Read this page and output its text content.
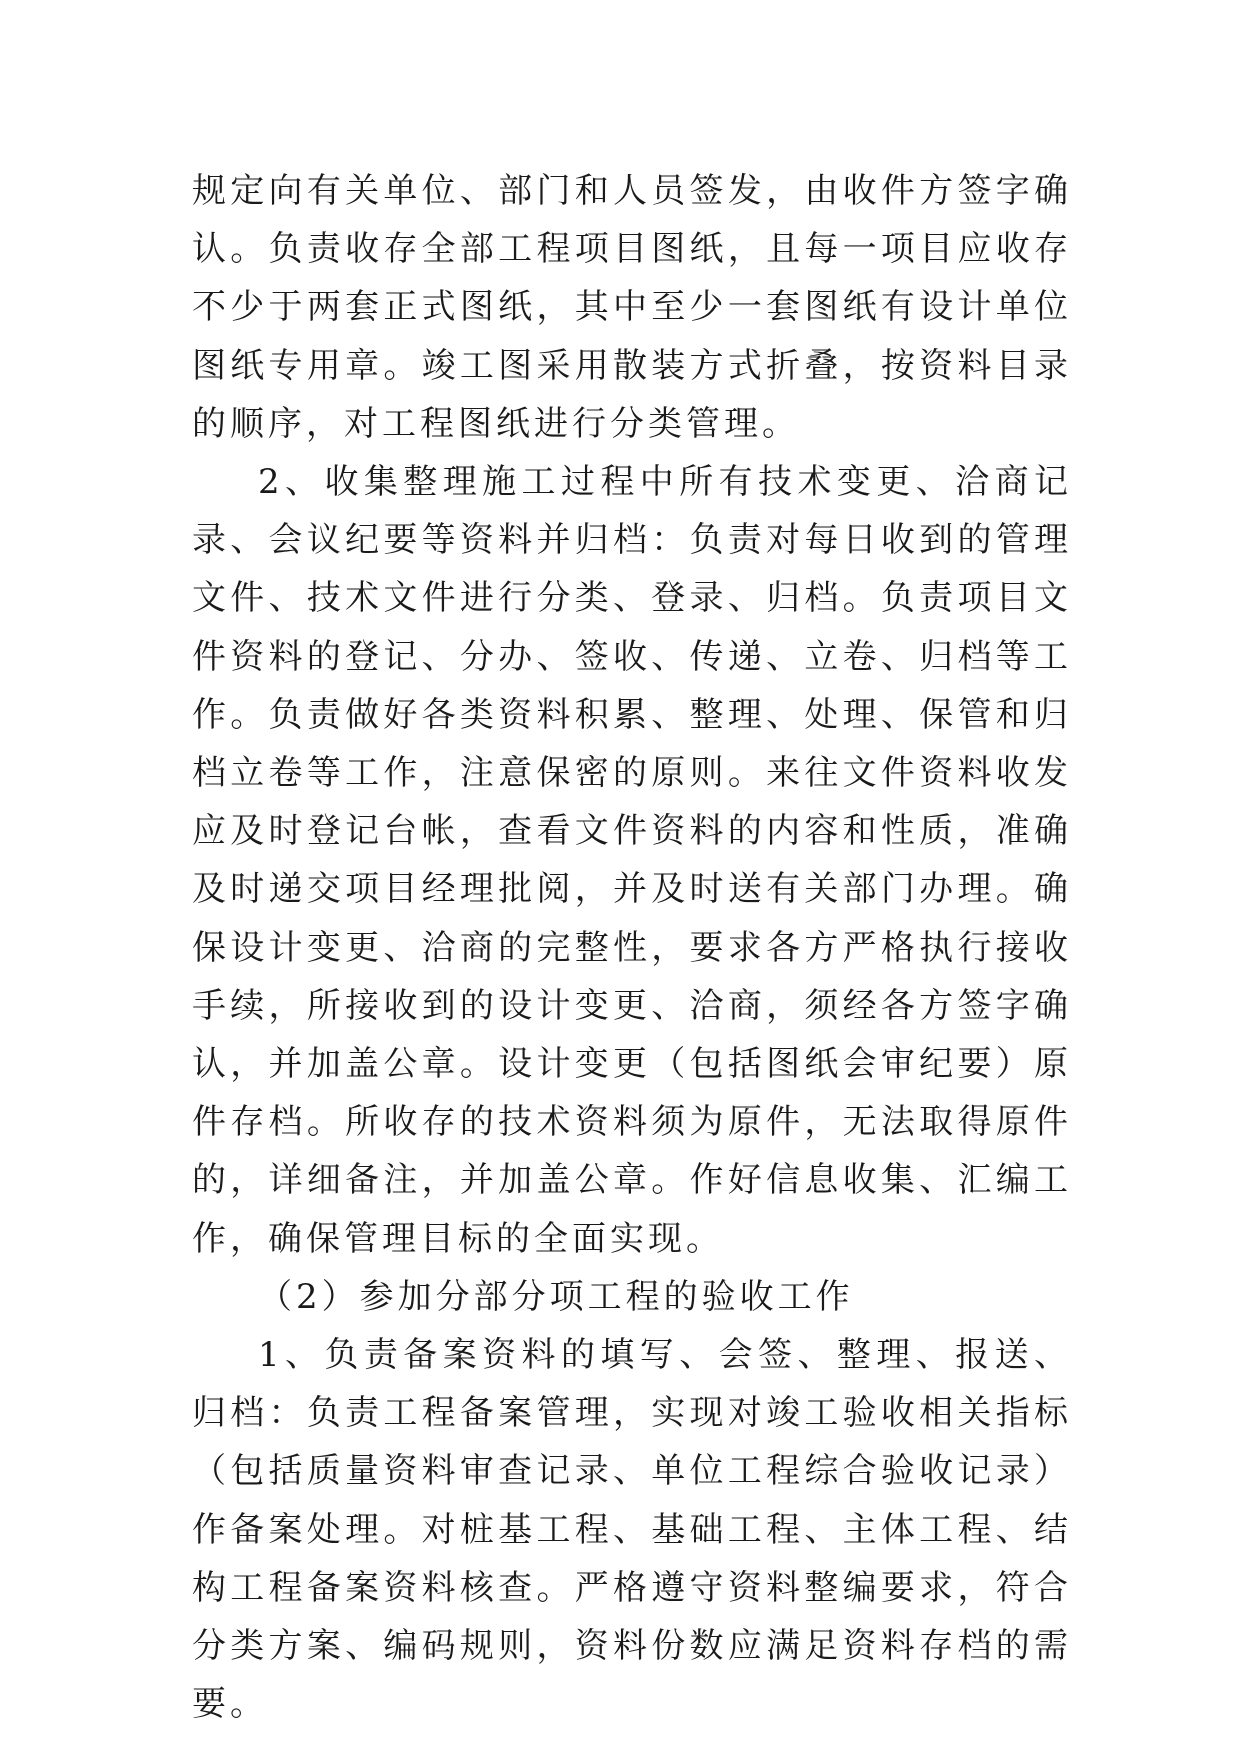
规定向有关单位、部门和人员签发，由收件方签字确认。负责收存全部工程项目图纸，且每一项目应收存不少于两套正式图纸，其中至少一套图纸有设计单位图纸专用章。竣工图采用散装方式折叠，按资料目录的顺序，对工程图纸进行分类管理。

2、收集整理施工过程中所有技术变更、洽商记录、会议纪要等资料并归档：负责对每日收到的管理文件、技术文件进行分类、登录、归档。负责项目文件资料的登记、分办、签收、传递、立卷、归档等工作。负责做好各类资料积累、整理、处理、保管和归档立卷等工作，注意保密的原则。来往文件资料收发应及时登记台帐，查看文件资料的内容和性质，准确及时递交项目经理批阅，并及时送有关部门办理。确保设计变更、洽商的完整性，要求各方严格执行接收手续，所接收到的设计变更、洽商，须经各方签字确认，并加盖公章。设计变更（包括图纸会审纪要）原件存档。所收存的技术资料须为原件，无法取得原件的，详细备注，并加盖公章。作好信息收集、汇编工作，确保管理目标的全面实现。

（2）参加分部分项工程的验收工作

1、负责备案资料的填写、会签、整理、报送、归档：负责工程备案管理，实现对竣工验收相关指标（包括质量资料审查记录、单位工程综合验收记录）作备案处理。对桩基工程、基础工程、主体工程、结构工程备案资料核查。严格遵守资料整编要求，符合分类方案、编码规则，资料份数应满足资料存档的需要。
